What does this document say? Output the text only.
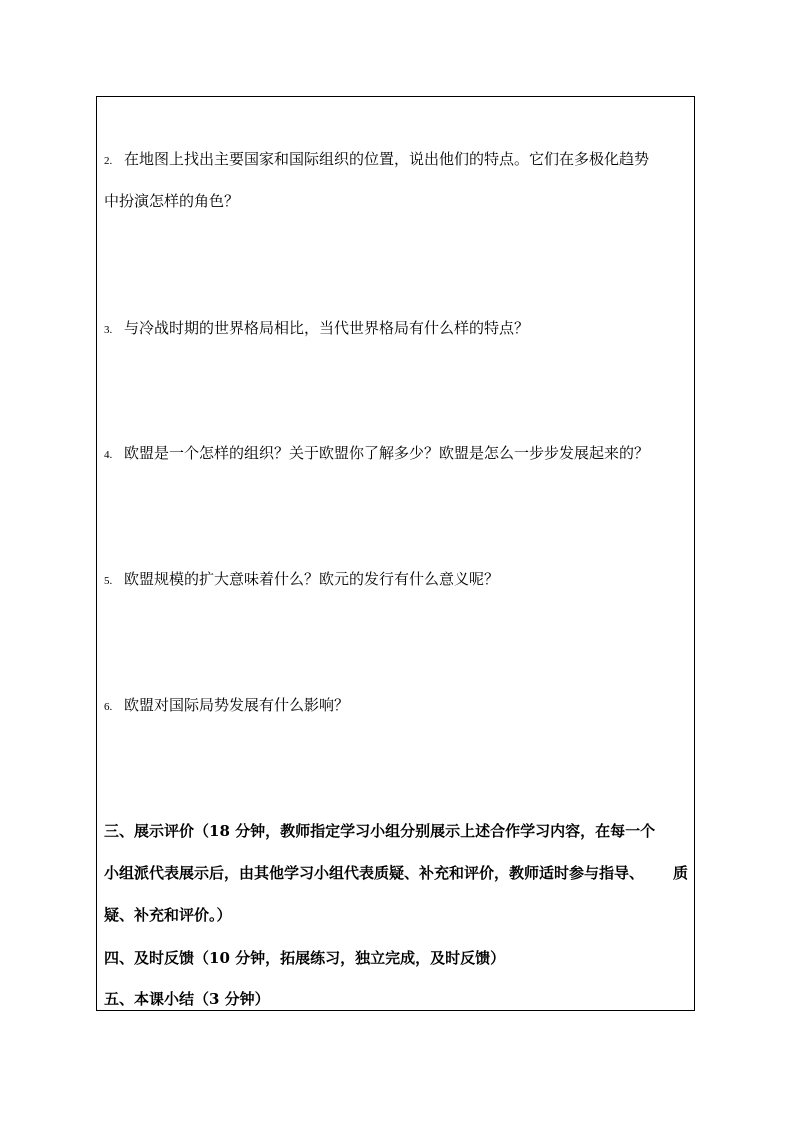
2. 在地图上找出主要国家和国际组织的位置，说出他们的特点。它们在多极化趋势
中扮演怎样的角色？
3. 与冷战时期的世界格局相比，当代世界格局有什么样的特点？
4. 欧盟是一个怎样的组织？关于欧盟你了解多少？欧盟是怎么一步步发展起来的？
5. 欧盟规模的扩大意味着什么？欧元的发行有什么意义呢？
6. 欧盟对国际局势发展有什么影响？
三、展示评价（18 分钟，教师指定学习小组分别展示上述合作学习内容，在每一个
小组派代表展示后，由其他学习小组代表质疑、补充和评价，教师适时参与指导、 质
疑、补充和评价。）
四、及时反馈（10 分钟，拓展练习，独立完成，及时反馈）
五、本课小结（3 分钟）
